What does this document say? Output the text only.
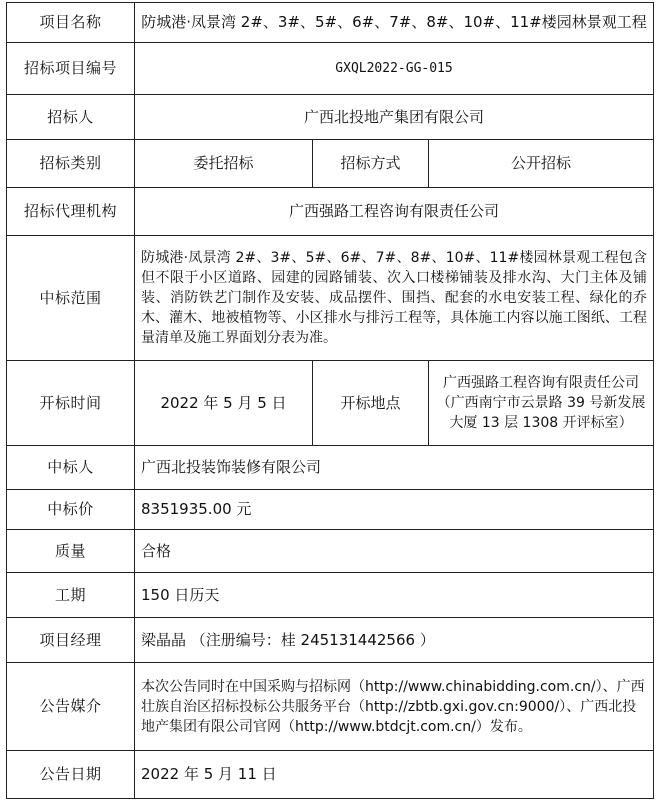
项目名称	防城港·凤景湾 2#、3#、5#、6#、7#、8#、10#、11#楼园林景观工程		
招标项目编号	GXQL2022-GG-015		
招标人	广西北投地产集团有限公司		
招标类别	委托招标	招标方式	公开招标
招标代理机构	广西强路工程咨询有限责任公司		
中标范围	防城港·凤景湾 2#、3#、5#、6#、7#、8#、10#、11#楼园林景观工程包含但不限于小区道路、园建的园路铺装、次入口楼梯铺装及排水沟、大门主体及铺装、消防铁艺门制作及安装、成品摆件、围挡、配套的水电安装工程、绿化的乔木、灌木、地被植物等、小区排水与排污工程等，具体施工内容以施工图纸、工程量清单及施工界面划分表为准。		
开标时间	2022 年 5 月 5 日	开标地点	广西强路工程咨询有限责任公司（广西南宁市云景路 39 号新发展大厦 13 层 1308 开评标室）
中标人	广西北投装饰装修有限公司		
中标价	8351935.00 元		
质量	合格		
工期	150 日历天		
项目经理	梁晶晶 （注册编号：桂 245131442566 ）		
公告媒介	本次公告同时在中国采购与招标网（http://www.chinabidding.com.cn/）、广西壮族自治区招标投标公共服务平台（http://zbtb.gxi.gov.cn:9000/）、广西北投地产集团有限公司官网（http://www.btdcjt.com.cn/）发布。		
公告日期	2022 年 5 月 11 日		
